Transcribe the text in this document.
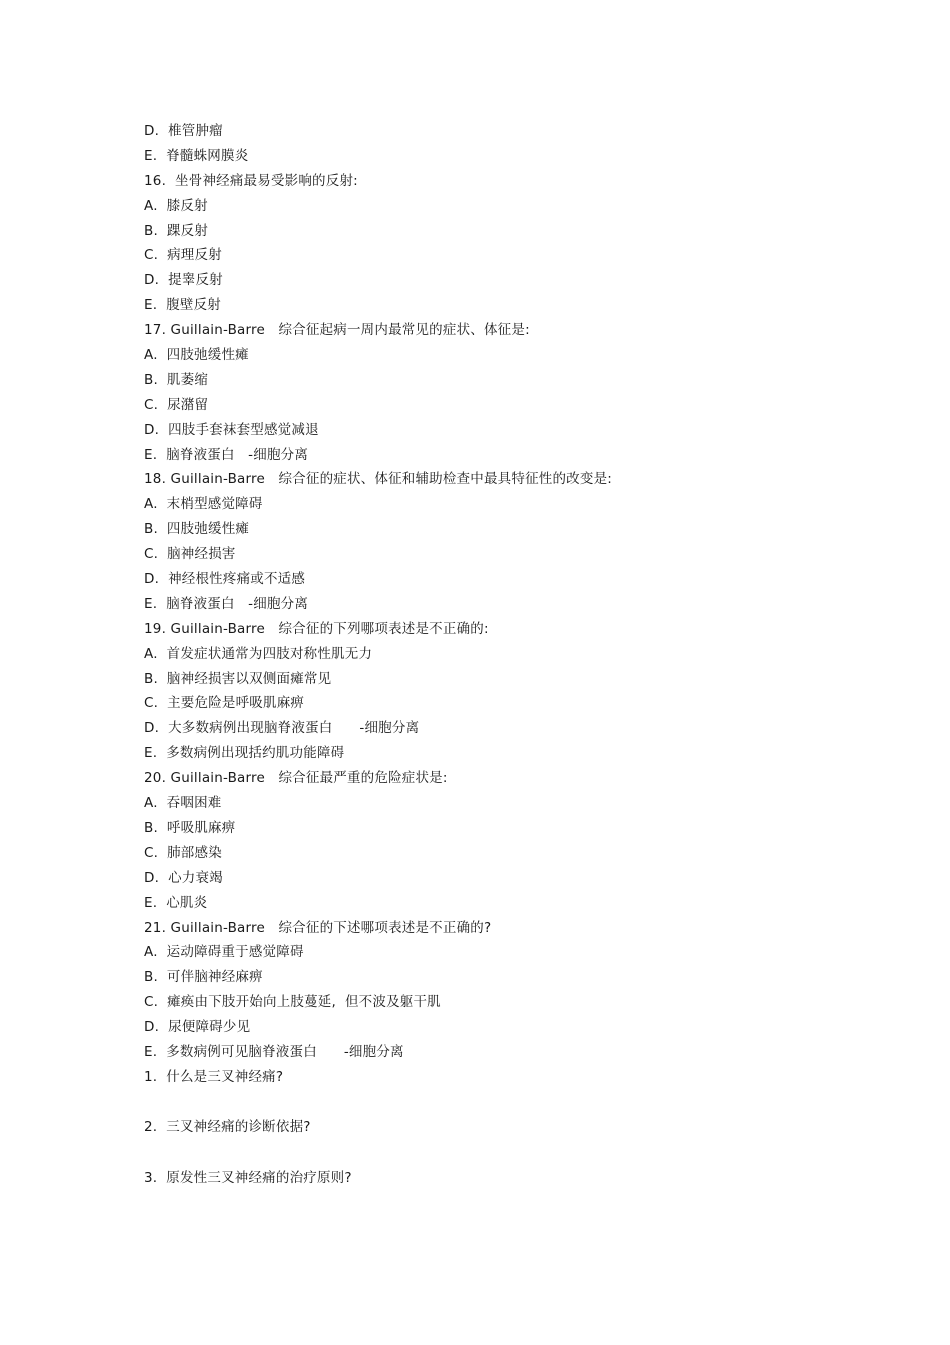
D.  椎管肿瘤
E.  脊髓蛛网膜炎
16.  坐骨神经痛最易受影响的反射:
A.  膝反射
B.  踝反射
C.  病理反射
D.  提睾反射
E.  腹壁反射
17. Guillain-Barre   综合征起病一周内最常见的症状、体征是:
A.  四肢弛缓性瘫
B.  肌萎缩
C.  尿潴留
D.  四肢手套袜套型感觉减退
E.  脑脊液蛋白   -细胞分离
18. Guillain-Barre   综合征的症状、体征和辅助检查中最具特征性的改变是:
A.  末梢型感觉障碍
B.  四肢弛缓性瘫
C.  脑神经损害
D.  神经根性疼痛或不适感
E.  脑脊液蛋白   -细胞分离
19. Guillain-Barre   综合征的下列哪项表述是不正确的:
A.  首发症状通常为四肢对称性肌无力
B.  脑神经损害以双侧面瘫常见
C.  主要危险是呼吸肌麻痹
D.  大多数病例出现脑脊液蛋白      -细胞分离
E.  多数病例出现括约肌功能障碍
20. Guillain-Barre   综合征最严重的危险症状是:
A.  吞咽困难
B.  呼吸肌麻痹
C.  肺部感染
D.  心力衰竭
E.  心肌炎
21. Guillain-Barre   综合征的下述哪项表述是不正确的?
A.  运动障碍重于感觉障碍
B.  可伴脑神经麻痹
C.  瘫痪由下肢开始向上肢蔓延,  但不波及躯干肌
D.  尿便障碍少见
E.  多数病例可见脑脊液蛋白      -细胞分离
1.  什么是三叉神经痛?
2.  三叉神经痛的诊断依据?
3.  原发性三叉神经痛的治疗原则?
